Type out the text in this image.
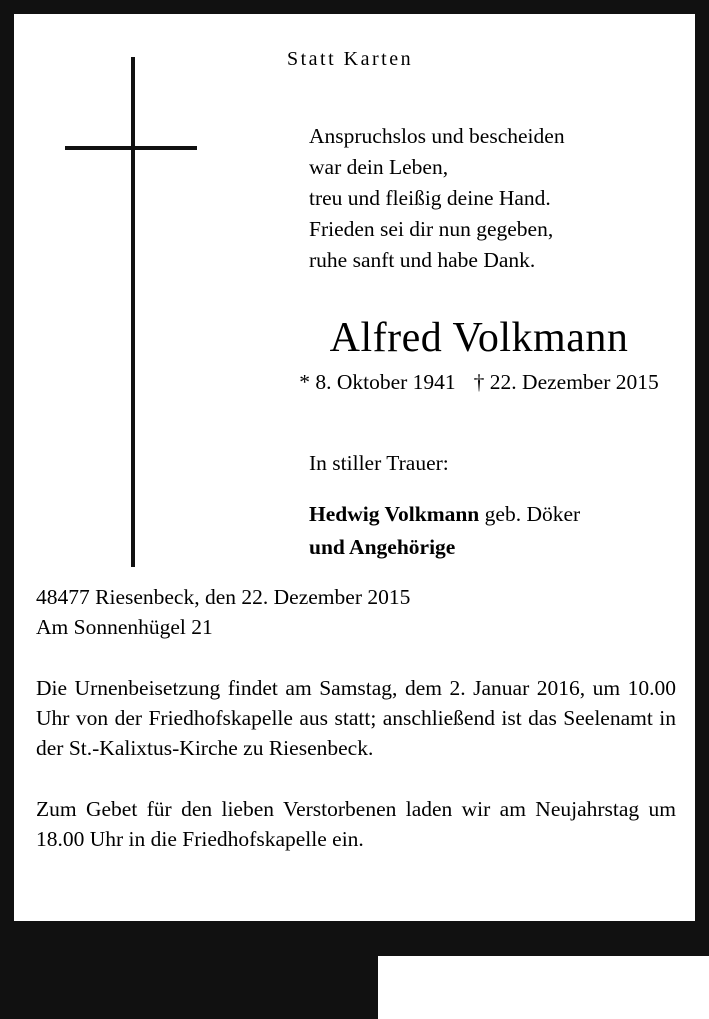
Statt Karten
Anspruchslos und bescheiden
war dein Leben,
treu und fleißig deine Hand.
Frieden sei dir nun gegeben,
ruhe sanft und habe Dank.
Alfred Volkmann
* 8. Oktober 1941 † 22. Dezember 2015
In stiller Trauer:
Hedwig Volkmann geb. Döker
und Angehörige
48477 Riesenbeck, den 22. Dezember 2015
Am Sonnenhügel 21
Die Urnenbeisetzung findet am Samstag, dem 2. Januar 2016, um 10.00 Uhr von der Friedhofskapelle aus statt; anschließend ist das Seelenamt in der St.-Kalixtus-Kirche zu Riesenbeck.
Zum Gebet für den lieben Verstorbenen laden wir am Neujahrstag um 18.00 Uhr in die Friedhofskapelle ein.
